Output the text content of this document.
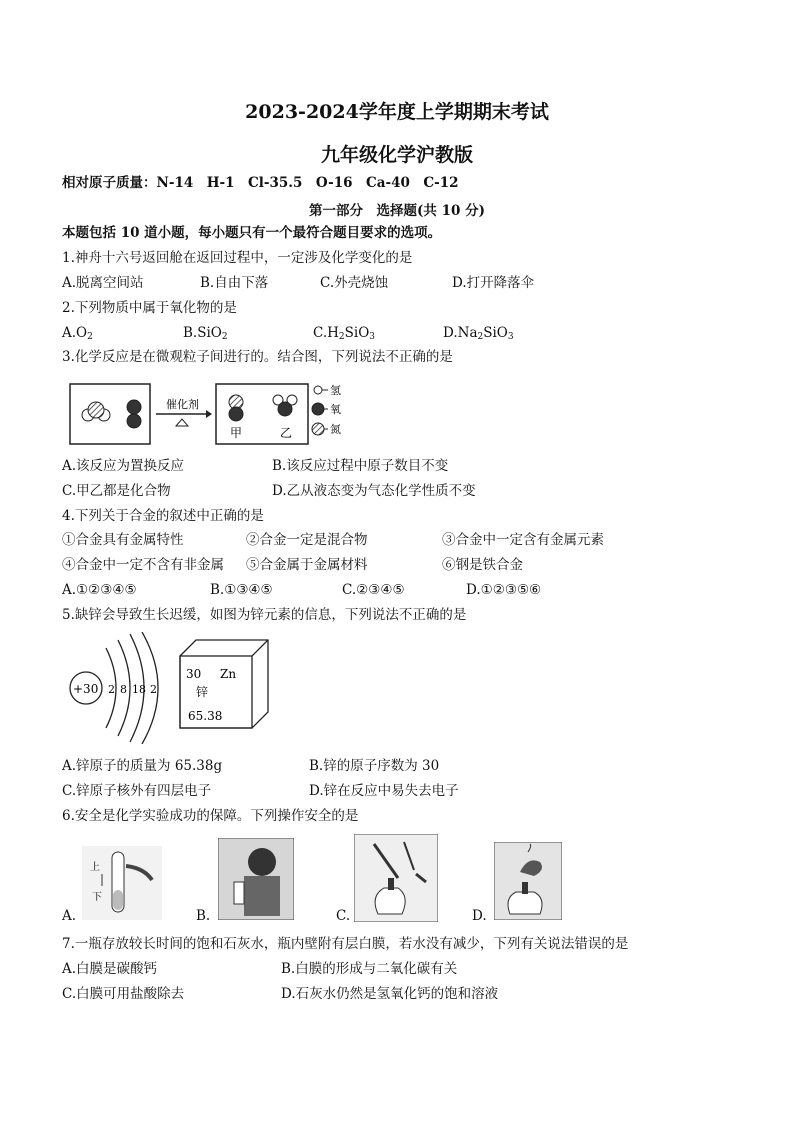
2023-2024学年度上学期期末考试
九年级化学沪教版
相对原子质量：N-14　H-1　Cl-35.5　O-16　Ca-40　C-12
第一部分　选择题(共 10 分)
本题包括 10 道小题，每小题只有一个最符合题目要求的选项。
1.神舟十六号返回舱在返回过程中，一定涉及化学变化的是
A.脱离空间站	B.自由下落	C.外壳烧蚀	D.打开降落伞
2.下列物质中属于氧化物的是
$A.O_2$	B.SiO$_2$	$C.H_2SiO_3$	$D.Na_2SiO_3$
3.化学反应是在微观粒子间进行的。结合图，下列说法不正确的是
催化剂
甲	乙
氢
氧
氮
A.该反应为置换反应	B.该反应过程中原子数目不变
C.甲乙都是化合物	D.乙从液态变为气态化学性质不变
4.下列关于合金的叙述中正确的是
①合金具有金属特性	②合金一定是混合物	③合金中一定含有金属元素
④合金中一定不含有非金属 ⑤合金属于金属材料	⑥钢是铁合金
A.①②③④⑤	B.①③④⑤	C.②③④⑤	D.①②③⑤⑥
5.缺锌会导致生长迟缓，如图为锌元素的信息，下列说法不正确的是
+30 2 8 18 2
30 Zn
锌
65.38
A.锌原子的质量为 65.38g	B.锌的原子序数为 30
C.锌原子核外有四层电子	D.锌在反应中易失去电子
6.安全是化学实验成功的保障。下列操作安全的是
上
下
A.	B.	C.	D.
7.一瓶存放较长时间的饱和石灰水，瓶内壁附有层白膜，若水没有减少，下列有关说法错误的是
A.白膜是碳酸钙	B.白膜的形成与二氧化碳有关
C.白膜可用盐酸除去	D.石灰水仍然是氢氧化钙的饱和溶液
